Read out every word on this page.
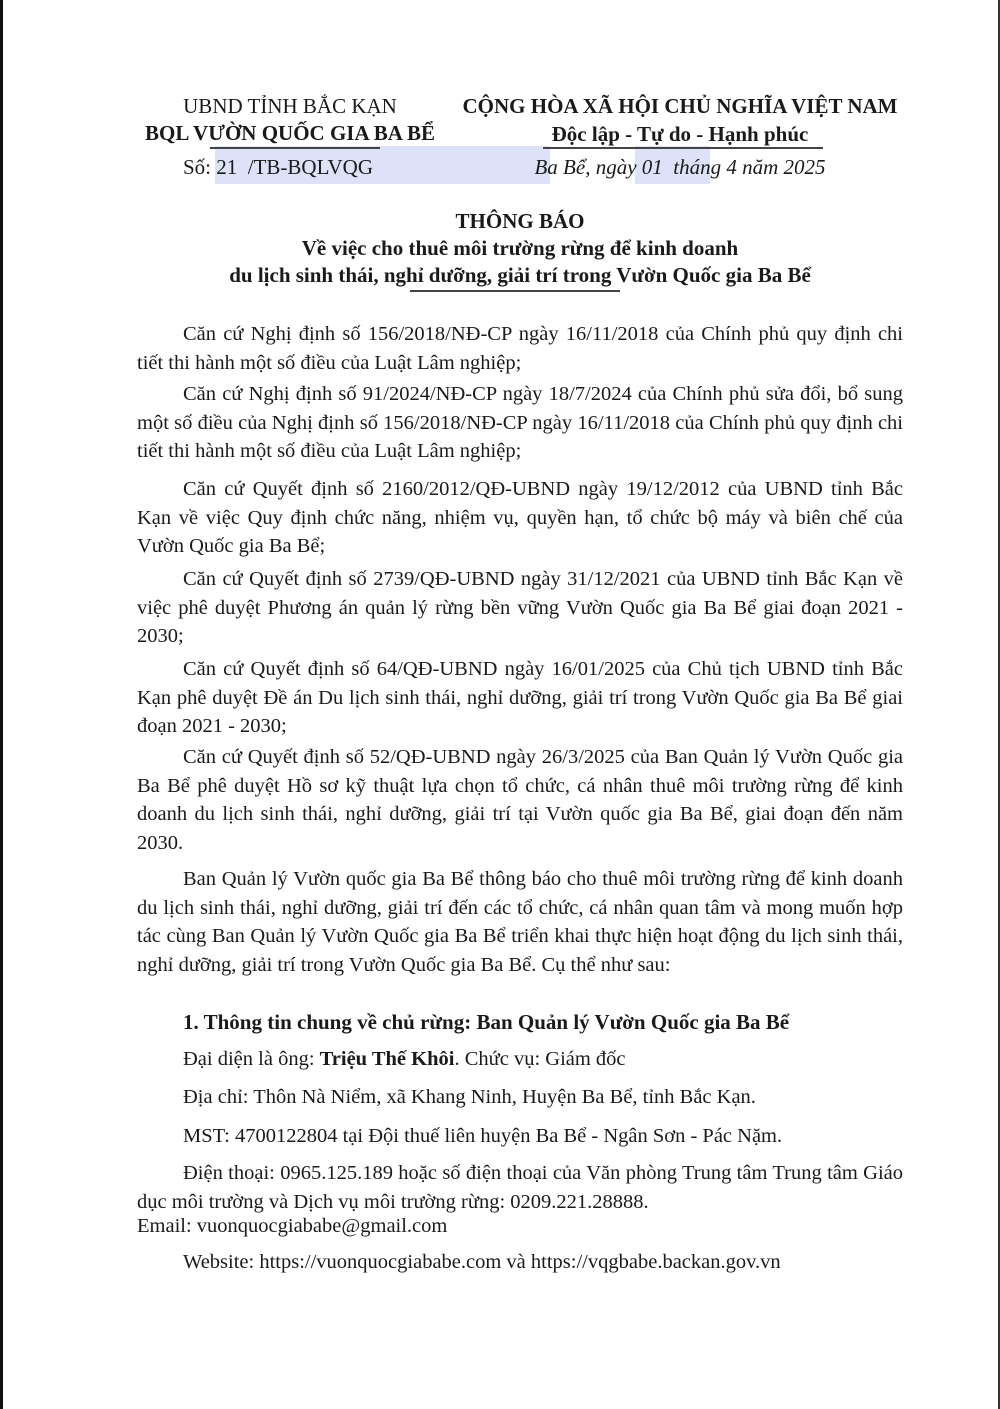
UBND TỈNH BẮC KẠN
BQL VƯỜN QUỐC GIA BA BỂ
Số: 21 /TB-BQLVQG
CỘNG HÒA XÃ HỘI CHỦ NGHĨA VIỆT NAM
Độc lập - Tự do - Hạnh phúc
Ba Bể, ngày 01 tháng 4 năm 2025
THÔNG BÁO
Về việc cho thuê môi trường rừng để kinh doanh
du lịch sinh thái, nghỉ dưỡng, giải trí trong Vườn Quốc gia Ba Bể
Căn cứ Nghị định số 156/2018/NĐ-CP ngày 16/11/2018 của Chính phủ quy định chi tiết thi hành một số điều của Luật Lâm nghiệp;
Căn cứ Nghị định số 91/2024/NĐ-CP ngày 18/7/2024 của Chính phủ sửa đổi, bổ sung một số điều của Nghị định số 156/2018/NĐ-CP ngày 16/11/2018 của Chính phủ quy định chi tiết thi hành một số điều của Luật Lâm nghiệp;
Căn cứ Quyết định số 2160/2012/QĐ-UBND ngày 19/12/2012 của UBND tỉnh Bắc Kạn về việc Quy định chức năng, nhiệm vụ, quyền hạn, tổ chức bộ máy và biên chế của Vườn Quốc gia Ba Bể;
Căn cứ Quyết định số 2739/QĐ-UBND ngày 31/12/2021 của UBND tỉnh Bắc Kạn về việc phê duyệt Phương án quản lý rừng bền vững Vườn Quốc gia Ba Bể giai đoạn 2021 - 2030;
Căn cứ Quyết định số 64/QĐ-UBND ngày 16/01/2025 của Chủ tịch UBND tỉnh Bắc Kạn phê duyệt Đề án Du lịch sinh thái, nghỉ dưỡng, giải trí trong Vườn Quốc gia Ba Bể giai đoạn 2021 - 2030;
Căn cứ Quyết định số 52/QĐ-UBND ngày 26/3/2025 của Ban Quản lý Vườn Quốc gia Ba Bể phê duyệt Hồ sơ kỹ thuật lựa chọn tổ chức, cá nhân thuê môi trường rừng để kinh doanh du lịch sinh thái, nghỉ dưỡng, giải trí tại Vườn quốc gia Ba Bể, giai đoạn đến năm 2030.
Ban Quản lý Vườn quốc gia Ba Bể thông báo cho thuê môi trường rừng để kinh doanh du lịch sinh thái, nghỉ dưỡng, giải trí đến các tổ chức, cá nhân quan tâm và mong muốn hợp tác cùng Ban Quản lý Vườn Quốc gia Ba Bể triển khai thực hiện hoạt động du lịch sinh thái, nghỉ dưỡng, giải trí trong Vườn Quốc gia Ba Bể. Cụ thể như sau:
1. Thông tin chung về chủ rừng: Ban Quản lý Vườn Quốc gia Ba Bể
Đại diện là ông: Triệu Thế Khôi. Chức vụ: Giám đốc
Địa chỉ: Thôn Nà Niểm, xã Khang Ninh, Huyện Ba Bể, tỉnh Bắc Kạn.
MST: 4700122804 tại Đội thuế liên huyện Ba Bể - Ngân Sơn - Pác Nặm.
Điện thoại: 0965.125.189 hoặc số điện thoại của Văn phòng Trung tâm Trung tâm Giáo dục môi trường và Dịch vụ môi trường rừng: 0209.221.28888.
Email: vuonquocgiababe@gmail.com
Website: https://vuonquocgiababe.com và https://vqgbabe.backan.gov.vn
